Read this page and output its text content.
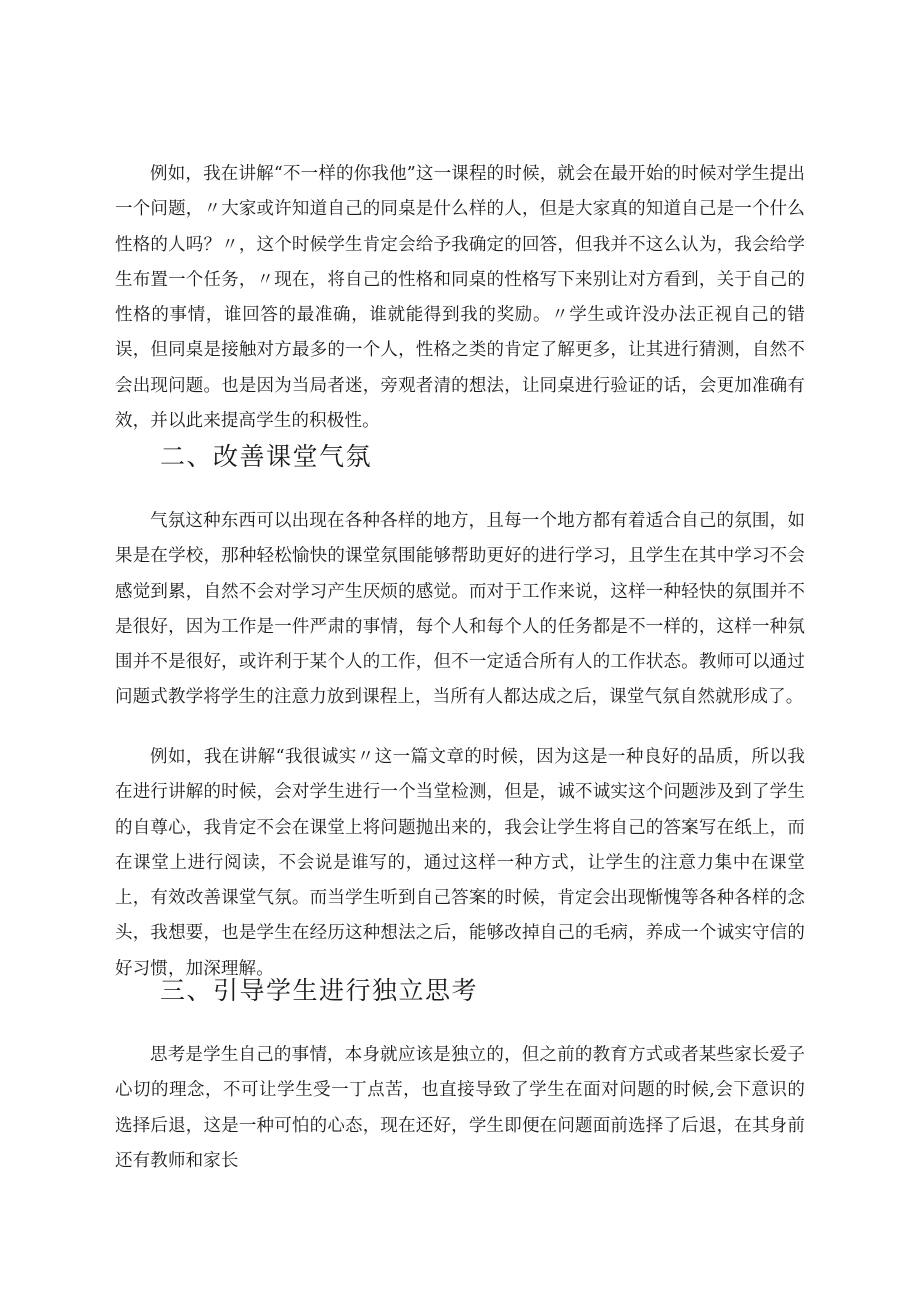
例如，我在讲解“不一样的你我他”这一课程的时候，就会在最开始的时候对学生提出一个问题，〃大家或许知道自己的同桌是什么样的人，但是大家真的知道自己是一个什么性格的人吗？〃，这个时候学生肯定会给予我确定的回答，但我并不这么认为，我会给学生布置一个任务，〃现在，将自己的性格和同桌的性格写下来别让对方看到，关于自己的性格的事情，谁回答的最准确，谁就能得到我的奖励。〃学生或许没办法正视自己的错误，但同桌是接触对方最多的一个人，性格之类的肯定了解更多，让其进行猜测，自然不会出现问题。也是因为当局者迷，旁观者清的想法，让同桌进行验证的话，会更加准确有效，并以此来提高学生的积极性。

二、改善课堂气氛

气氛这种东西可以出现在各种各样的地方，且每一个地方都有着适合自己的氛围，如果是在学校，那种轻松愉快的课堂氛围能够帮助更好的进行学习，且学生在其中学习不会感觉到累，自然不会对学习产生厌烦的感觉。而对于工作来说，这样一种轻快的氛围并不是很好，因为工作是一件严肃的事情，每个人和每个人的任务都是不一样的，这样一种氛围并不是很好，或许利于某个人的工作，但不一定适合所有人的工作状态。教师可以通过问题式教学将学生的注意力放到课程上，当所有人都达成之后，课堂气氛自然就形成了。

例如，我在讲解“我很诚实〃这一篇文章的时候，因为这是一种良好的品质，所以我在进行讲解的时候，会对学生进行一个当堂检测，但是，诚不诚实这个问题涉及到了学生的自尊心，我肯定不会在课堂上将问题抛出来的，我会让学生将自己的答案写在纸上，而在课堂上进行阅读，不会说是谁写的，通过这样一种方式，让学生的注意力集中在课堂上，有效改善课堂气氛。而当学生听到自己答案的时候，肯定会出现惭愧等各种各样的念头，我想要，也是学生在经历这种想法之后，能够改掉自己的毛病，养成一个诚实守信的好习惯，加深理解。

三、引导学生进行独立思考

思考是学生自己的事情，本身就应该是独立的，但之前的教育方式或者某些家长爱子心切的理念，不可让学生受一丁点苦，也直接导致了学生在面对问题的时候,会下意识的选择后退，这是一种可怕的心态，现在还好，学生即便在问题面前选择了后退，在其身前还有教师和家长
